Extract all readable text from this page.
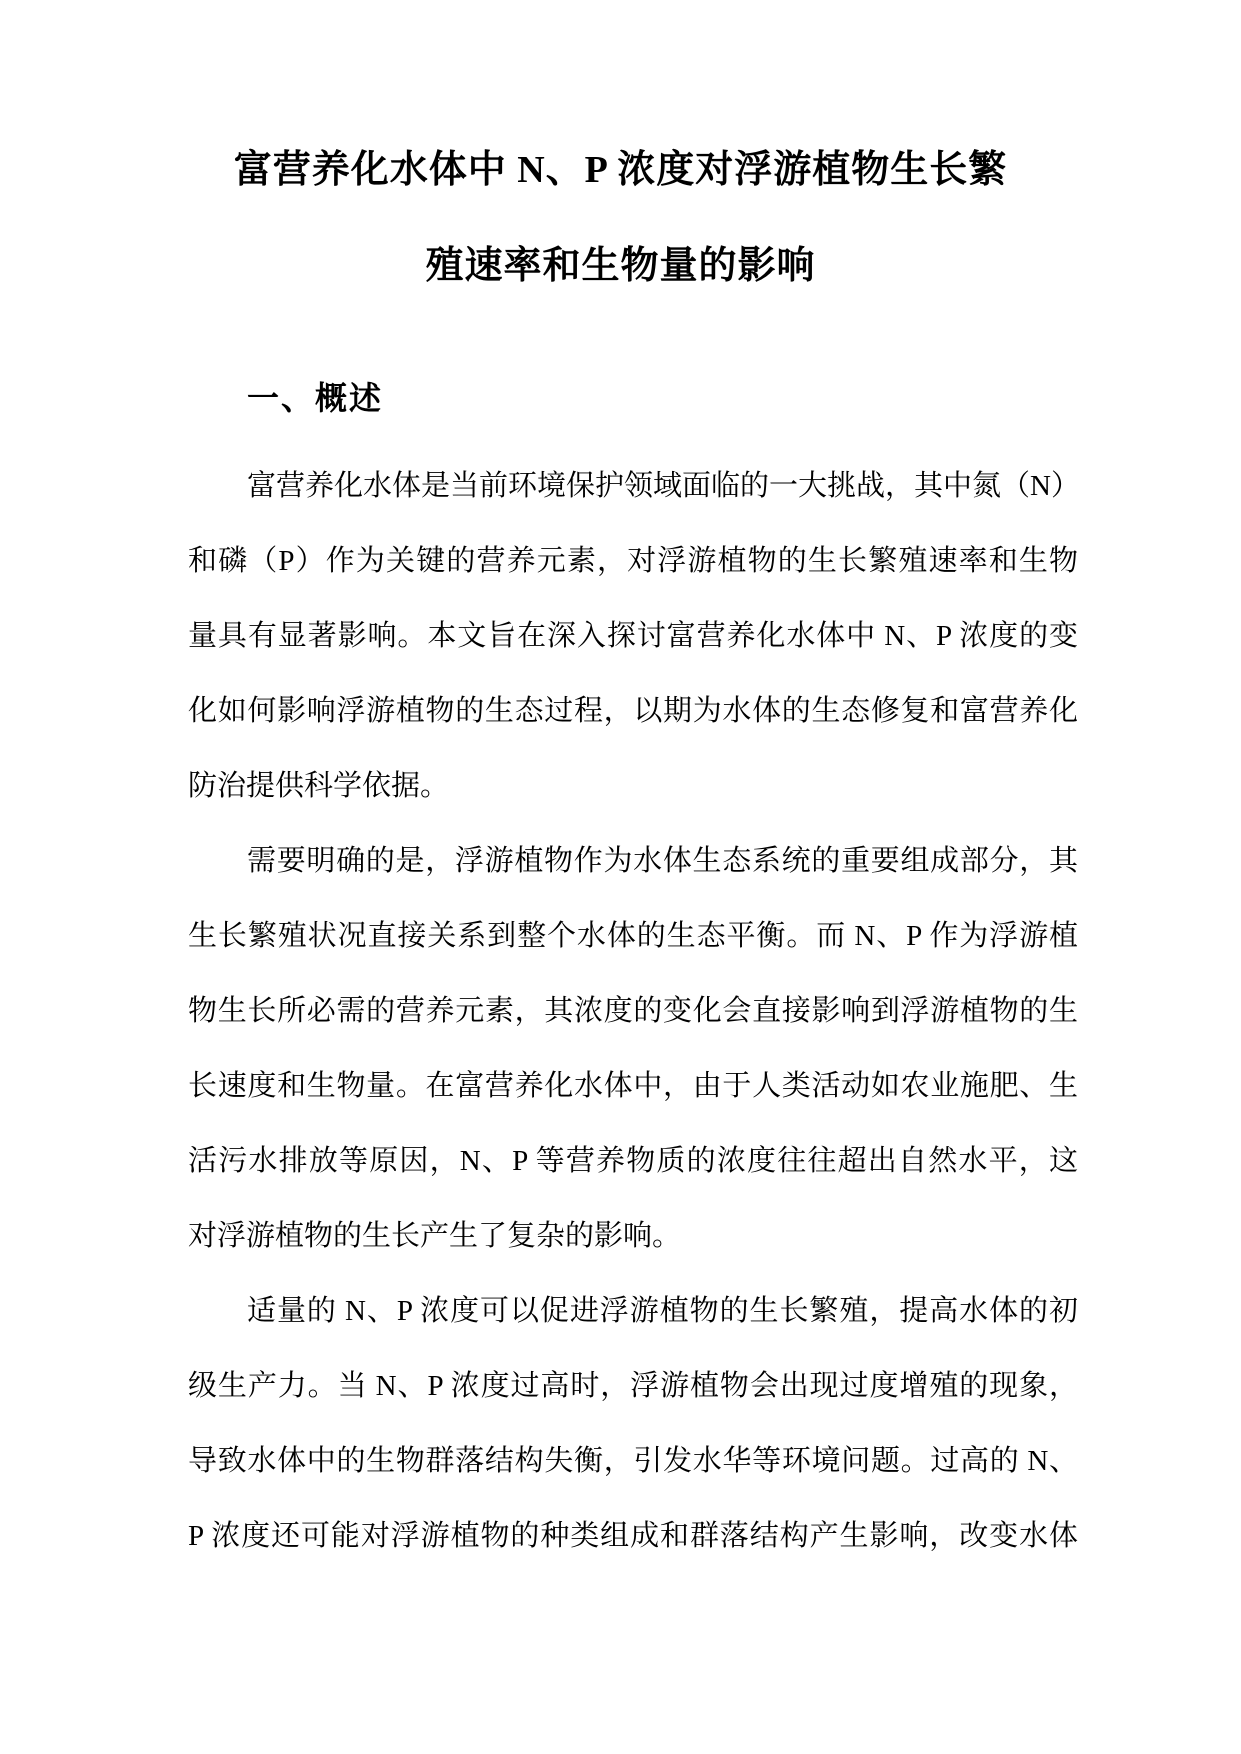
富营养化水体中 N、P 浓度对浮游植物生长繁
殖速率和生物量的影响
一、概述
富营养化水体是当前环境保护领域面临的一大挑战，其中氮（N）
和磷（P）作为关键的营养元素，对浮游植物的生长繁殖速率和生物
量具有显著影响。本文旨在深入探讨富营养化水体中 N、P 浓度的变
化如何影响浮游植物的生态过程，以期为水体的生态修复和富营养化
防治提供科学依据。
需要明确的是，浮游植物作为水体生态系统的重要组成部分，其
生长繁殖状况直接关系到整个水体的生态平衡。而 N、P 作为浮游植
物生长所必需的营养元素，其浓度的变化会直接影响到浮游植物的生
长速度和生物量。在富营养化水体中，由于人类活动如农业施肥、生
活污水排放等原因，N、P 等营养物质的浓度往往超出自然水平，这
对浮游植物的生长产生了复杂的影响。
适量的 N、P 浓度可以促进浮游植物的生长繁殖，提高水体的初
级生产力。当 N、P 浓度过高时，浮游植物会出现过度增殖的现象，
导致水体中的生物群落结构失衡，引发水华等环境问题。过高的 N、
P 浓度还可能对浮游植物的种类组成和群落结构产生影响，改变水体
